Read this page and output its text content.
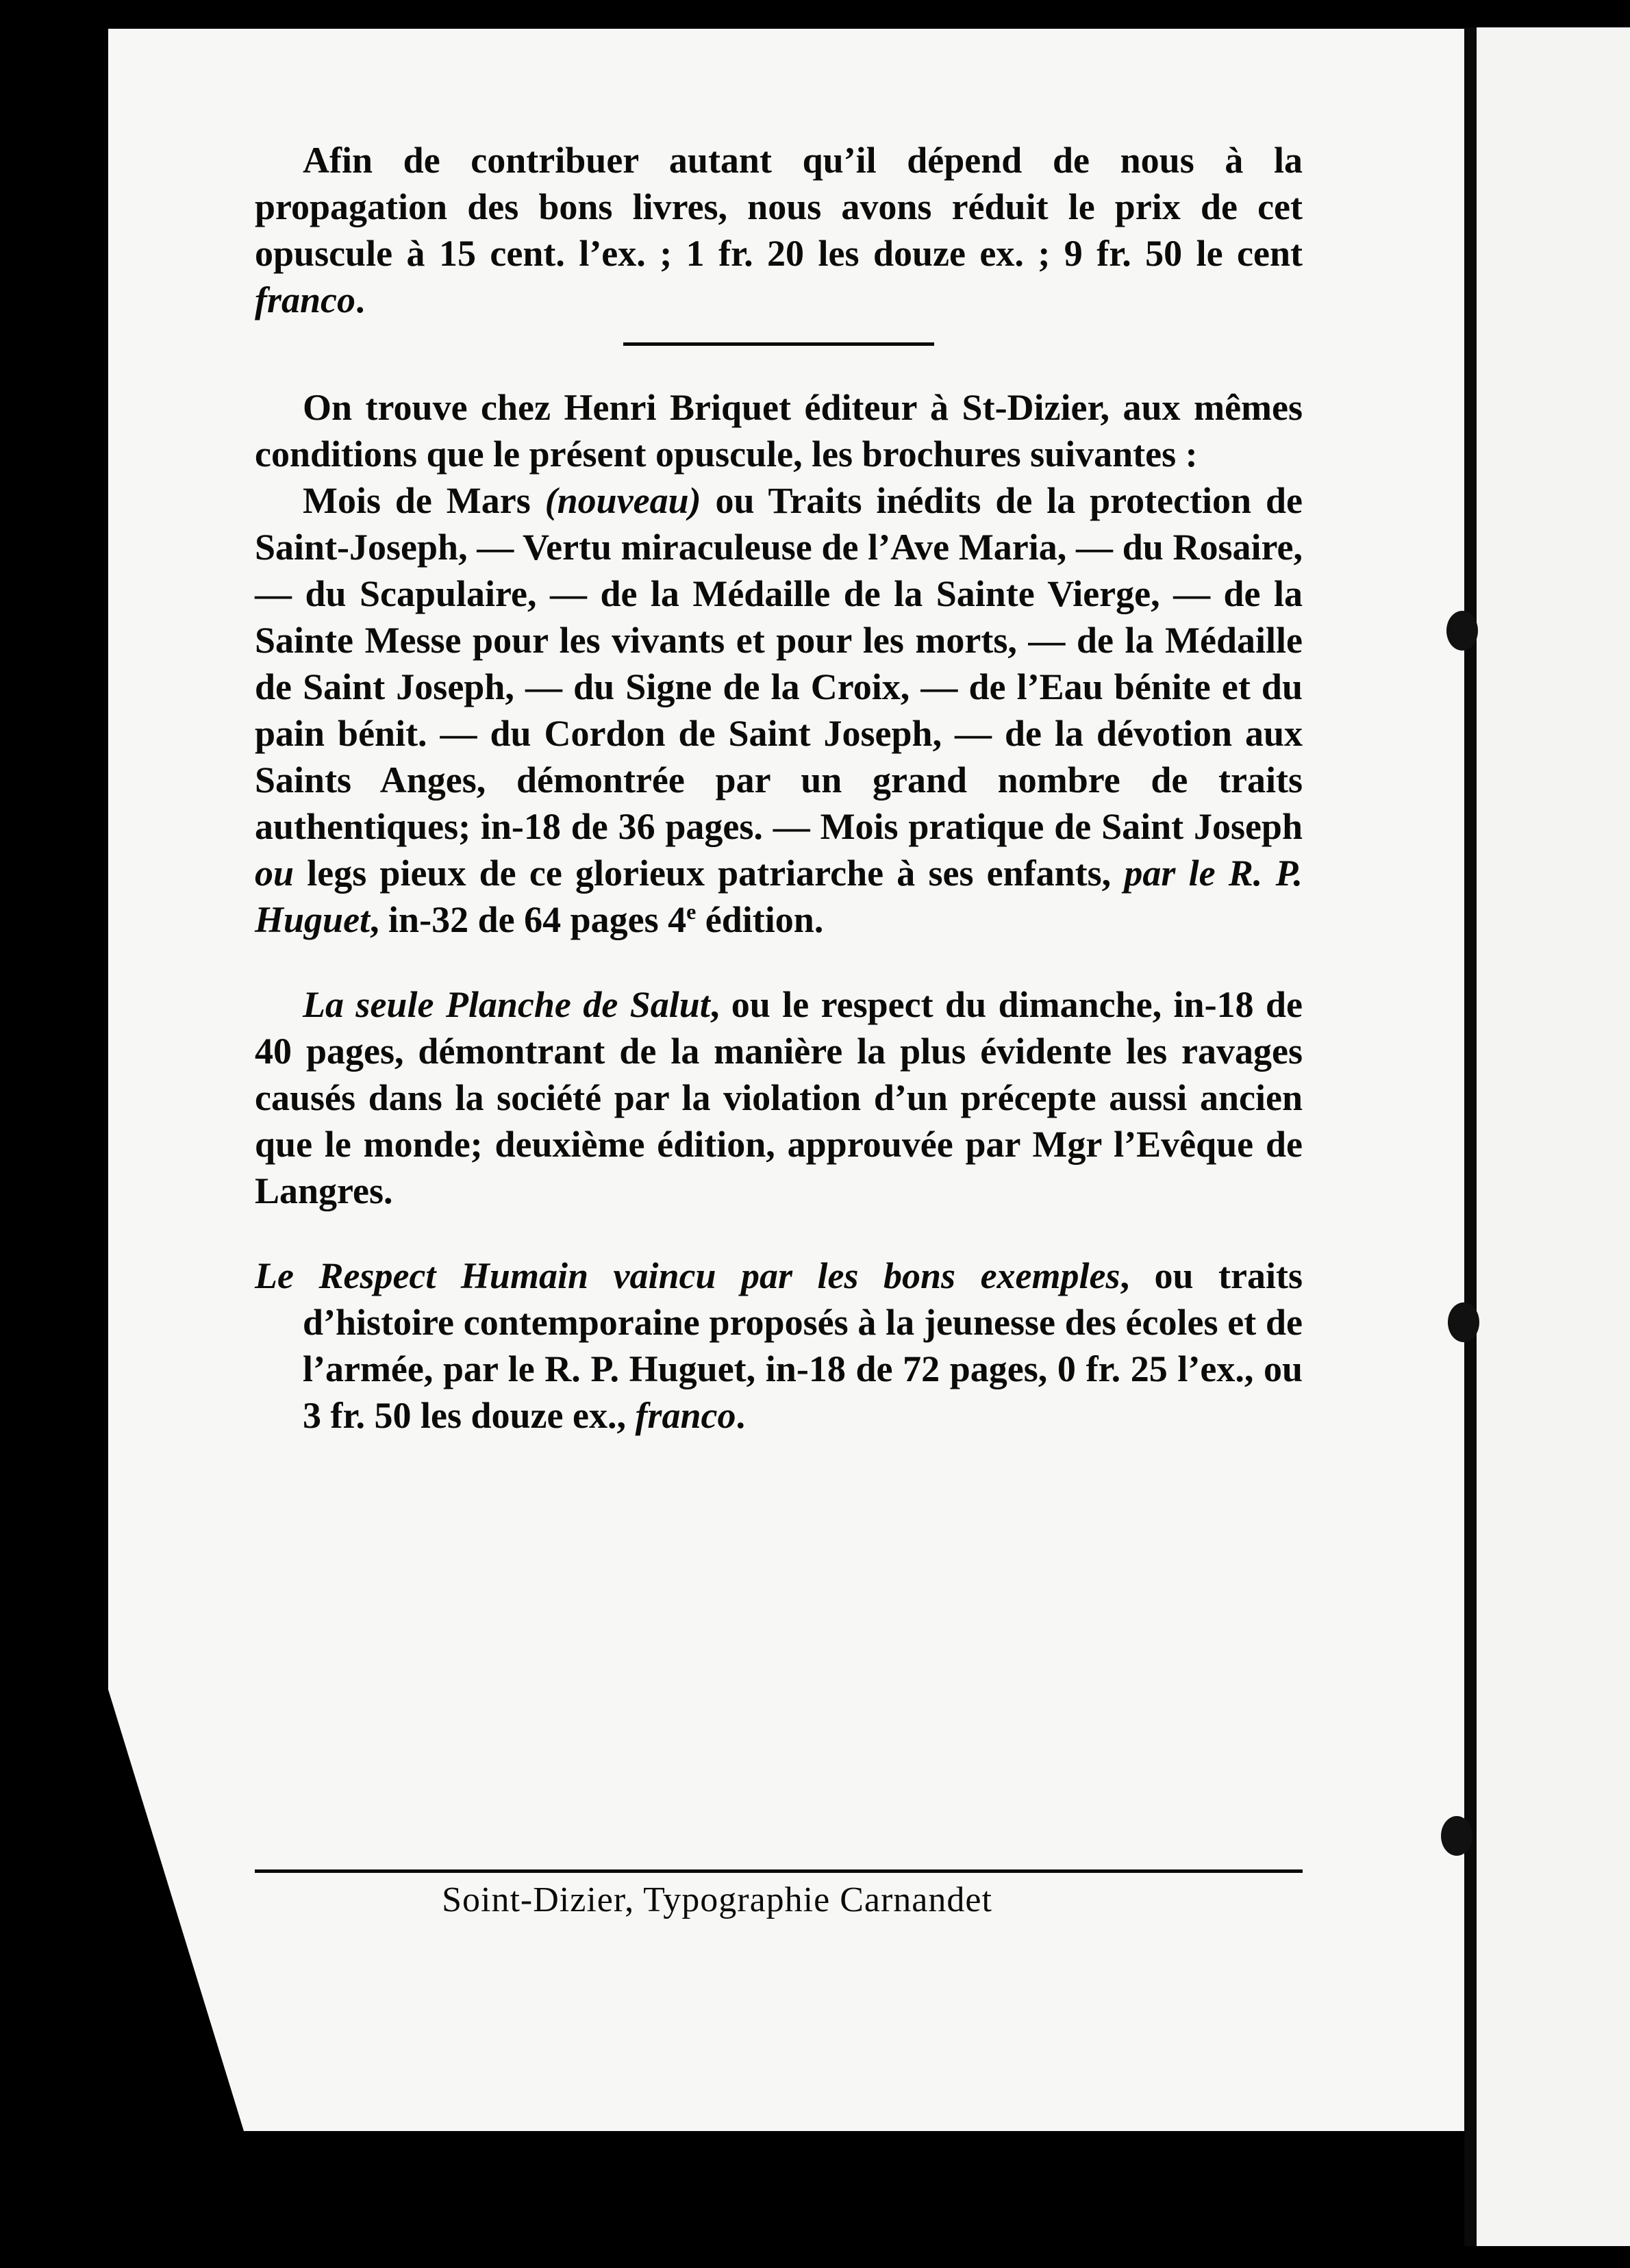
Afin de contribuer autant qu’il dépend de nous à la propagation des bons livres, nous avons réduit le prix de cet opuscule à 15 cent. l’ex. ; 1 fr. 20 les douze ex. ; 9 fr. 50 le cent franco.

On trouve chez Henri Briquet éditeur à St-Dizier, aux mêmes conditions que le présent opuscule, les brochures suivantes :

Mois de Mars (nouveau) ou Traits inédits de la protection de Saint-Joseph, — Vertu miraculeuse de l’Ave Maria, — du Rosaire, — du Scapulaire, — de la Médaille de la Sainte Vierge, — de la Sainte Messe pour les vivants et pour les morts, — de la Médaille de Saint Joseph, — du Signe de la Croix, — de l’Eau bénite et du pain bénit. — du Cordon de Saint Joseph, — de la dévotion aux Saints Anges, démontrée par un grand nombre de traits authentiques; in-18 de 36 pages. — Mois pratique de Saint Joseph ou legs pieux de ce glorieux patriarche à ses enfants, par le R. P. Huguet, in-32 de 64 pages 4e édition.

La seule Planche de Salut, ou le respect du dimanche, in-18 de 40 pages, démontrant de la manière la plus évidente les ravages causés dans la société par la violation d’un précepte aussi ancien que le monde; deuxième édition, approuvée par Mgr l’Evêque de Langres.

Le Respect Humain vaincu par les bons exemples, ou traits d’histoire contemporaine proposés à la jeunesse des écoles et de l’armée, par le R. P. Huguet, in-18 de 72 pages, 0 fr. 25 l’ex., ou 3 fr. 50 les douze ex., franco.

Soint-Dizier, Typographie Carnandet
